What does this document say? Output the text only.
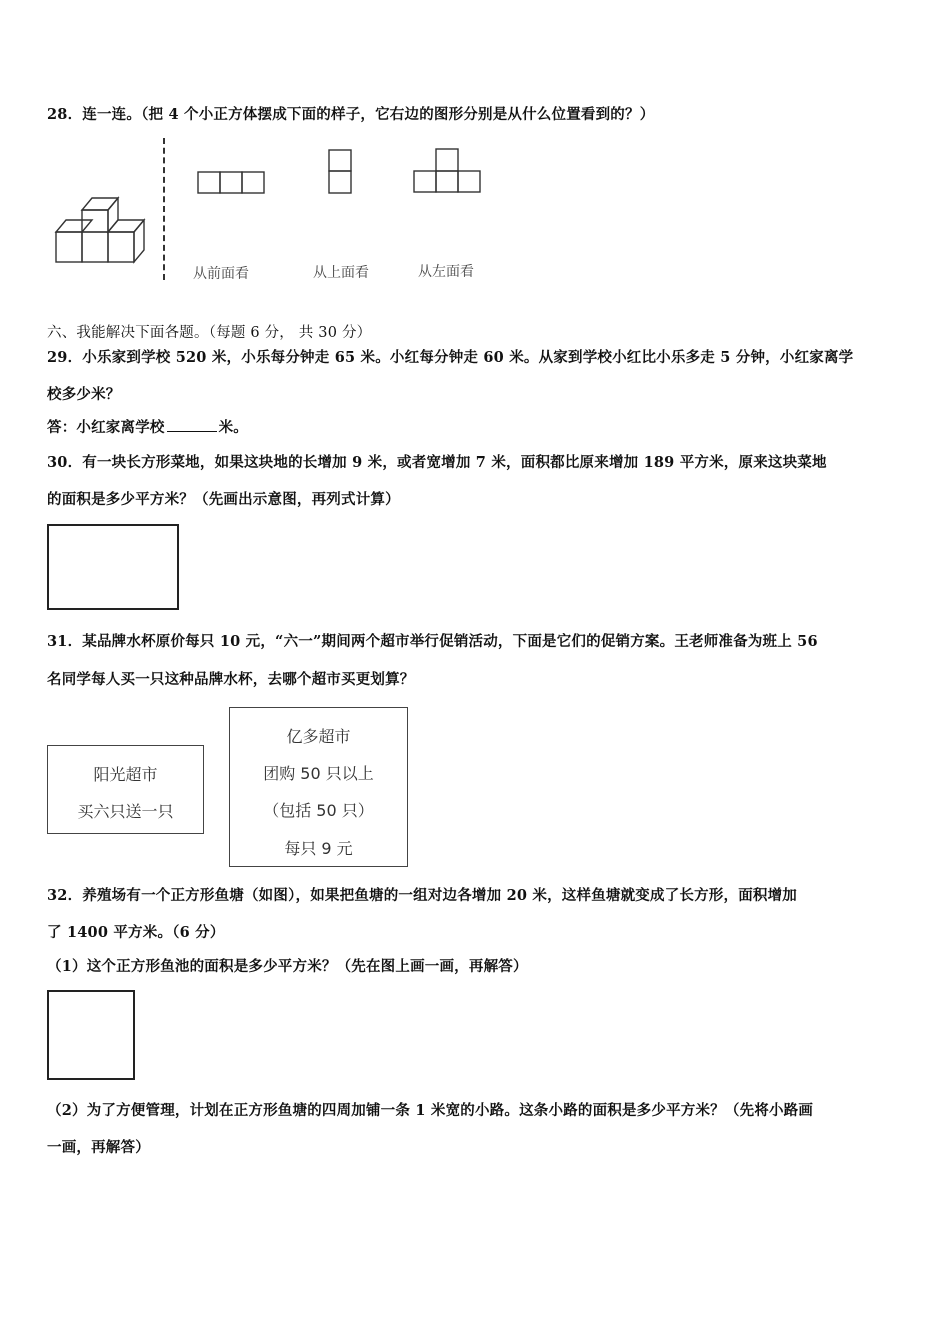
28．连一连。（把 4 个小正方体摆成下面的样子，它右边的图形分别是从什么位置看到的？）
从前面看	从上面看	从左面看
六、我能解决下面各题。（每题 6 分， 共 30 分）
29．小乐家到学校 520 米，小乐每分钟走 65 米。小红每分钟走 60 米。从家到学校小红比小乐多走 5 分钟，小红家离学
校多少米？
答：小红家离学校	米。
30．有一块长方形菜地，如果这块地的长增加 9 米，或者宽增加 7 米，面积都比原来增加 189 平方米，原来这块菜地
的面积是多少平方米？（先画出示意图，再列式计算）
31．某品牌水杯原价每只 10 元，“六一”期间两个超市举行促销活动，下面是它们的促销方案。王老师准备为班上 56
名同学每人买一只这种品牌水杯，去哪个超市买更划算？
阳光超市
买六只送一只
亿多超市
团购 50 只以上
（包括 50 只）
每只 9 元
32．养殖场有一个正方形鱼塘（如图），如果把鱼塘的一组对边各增加 20 米，这样鱼塘就变成了长方形，面积增加
了 1400 平方米。（6 分）
（1）这个正方形鱼池的面积是多少平方米？（先在图上画一画，再解答）
（2）为了方便管理，计划在正方形鱼塘的四周加铺一条 1 米宽的小路。这条小路的面积是多少平方米？（先将小路画
一画，再解答）
